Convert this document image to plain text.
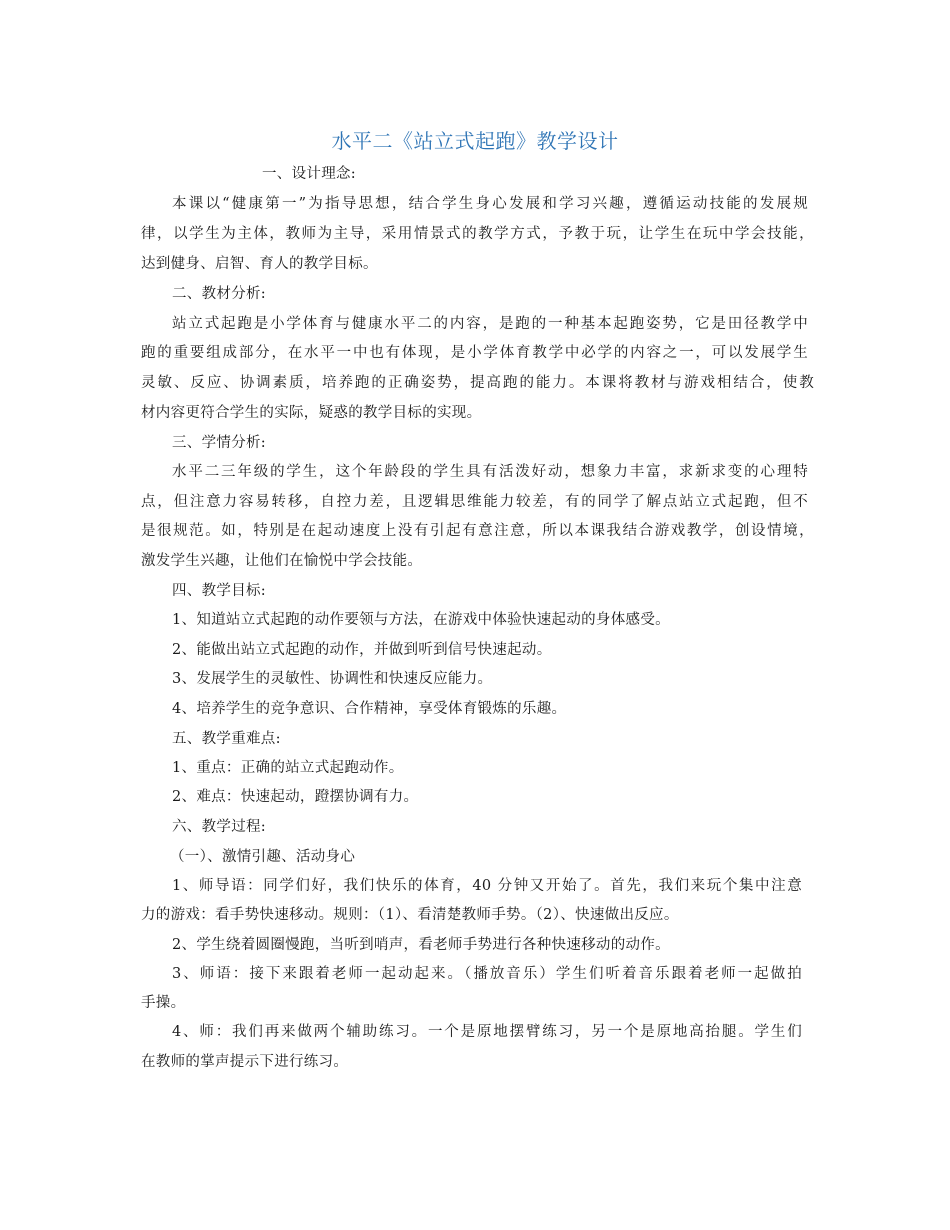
水平二《站立式起跑》教学设计
一、设计理念:
本课以“健康第一”为指导思想，结合学生身心发展和学习兴趣，遵循运动技能的发展规
律，以学生为主体，教师为主导，采用情景式的教学方式，予教于玩，让学生在玩中学会技能，
达到健身、启智、育人的教学目标。
二、教材分析:
站立式起跑是小学体育与健康水平二的内容，是跑的一种基本起跑姿势，它是田径教学中
跑的重要组成部分，在水平一中也有体现，是小学体育教学中必学的内容之一，可以发展学生
灵敏、反应、协调素质，培养跑的正确姿势，提高跑的能力。本课将教材与游戏相结合，使教
材内容更符合学生的实际，疑惑的教学目标的实现。
三、学情分析:
水平二三年级的学生，这个年龄段的学生具有活泼好动，想象力丰富，求新求变的心理特
点，但注意力容易转移，自控力差，且逻辑思维能力较差，有的同学了解点站立式起跑，但不
是很规范。如，特别是在起动速度上没有引起有意注意，所以本课我结合游戏教学，创设情境，
激发学生兴趣，让他们在愉悦中学会技能。
四、教学目标:
1、知道站立式起跑的动作要领与方法，在游戏中体验快速起动的身体感受。
2、能做出站立式起跑的动作，并做到听到信号快速起动。
3、发展学生的灵敏性、协调性和快速反应能力。
4、培养学生的竞争意识、合作精神，享受体育锻炼的乐趣。
五、教学重难点:
1、重点：正确的站立式起跑动作。
2、难点：快速起动，蹬摆协调有力。
六、教学过程:
（一）、激情引趣、活动身心
1、师导语：同学们好，我们快乐的体育，40 分钟又开始了。首先，我们来玩个集中注意
力的游戏：看手势快速移动。规则：（1）、看清楚教师手势。（2）、快速做出反应。
2、学生绕着圆圈慢跑，当听到哨声，看老师手势进行各种快速移动的动作。
3、师语：接下来跟着老师一起动起来。（播放音乐）学生们听着音乐跟着老师一起做拍
手操。
4、师：我们再来做两个辅助练习。一个是原地摆臂练习，另一个是原地高抬腿。学生们
在教师的掌声提示下进行练习。
